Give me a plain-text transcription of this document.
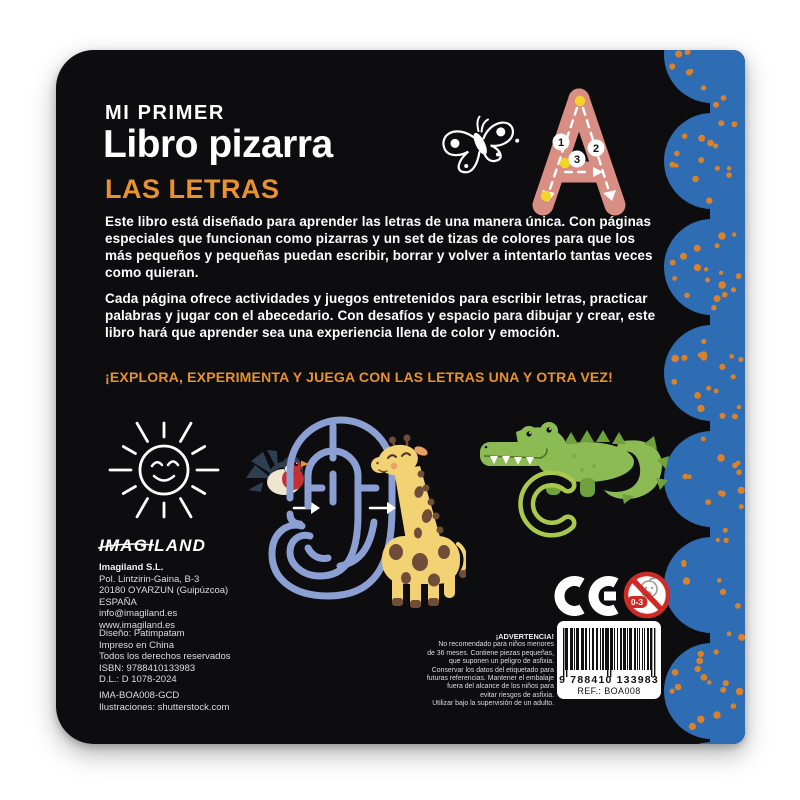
MI PRIMER
Libro pizarra
LAS LETRAS
1	2
3
Este libro está diseñado para aprender las letras de una manera única. Con páginas especiales que funcionan como pizarras y un set de tizas de colores para que los más pequeños y pequeñas puedan escribir, borrar y volver a intentarlo tantas veces como quieran.
Cada página ofrece actividades y juegos entretenidos para escribir letras, practicar palabras y jugar con el abecedario. Con desafíos y espacio para dibujar y crear, este libro hará que aprender sea una experiencia llena de color y emoción.
¡EXPLORA, EXPERIMENTA Y JUEGA CON LAS LETRAS UNA Y OTRA VEZ!
IMAGILAND
Imagiland S.L.
Pol. Lintzirin-Gaina, B-3
20180 OYARZUN (Guipúzcoa)
ESPAÑA
info@imagiland.es
www.imagiland.es
Diseño: Patimpatam
Impreso en China
Todos los derechos reservados
ISBN: 9788410133983
D.L.: D 1078-2024
IMA-BOA008-GCD
Ilustraciones: shutterstock.com
¡ADVERTENCIA!
No recomendado para niños menores
de 36 meses. Contiene piezas pequeñas,
que suponen un peligro de asfixia.
Conservar los datos del etiquetado para
futuras referencias. Mantener el embalaje
fuera del alcance de los niños para
evitar riesgos de asfixia.
Utilizar bajo la supervisión de un adulto.
0-3
9 788410 133983
REF.: BOA008
